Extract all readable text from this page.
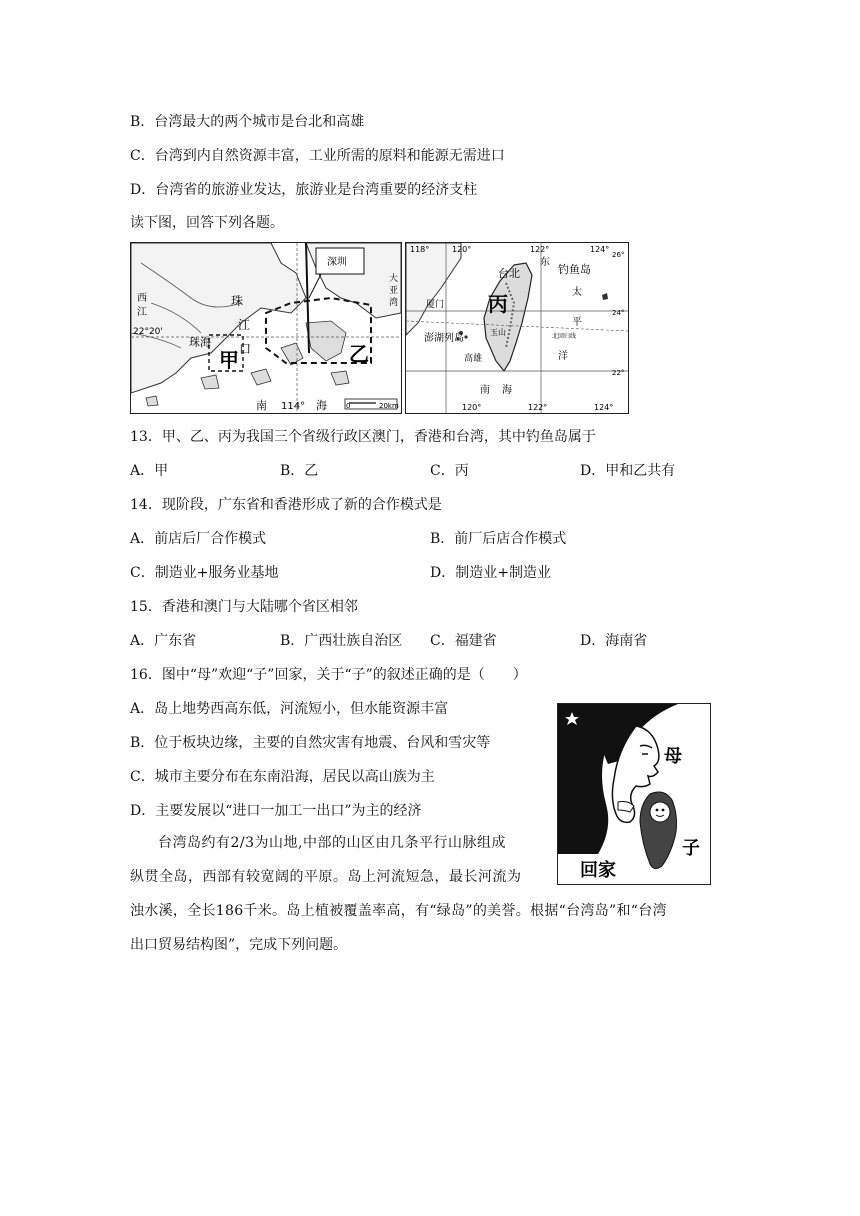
B．台湾最大的两个城市是台北和高雄
C．台湾到内自然资源丰富，工业所需的原料和能源无需进口
D．台湾省的旅游业发达，旅游业是台湾重要的经济支柱
读下图，回答下列各题。
深圳
珠
江
口
珠海
甲	乙
西
江
大
亚
湾
南	海
22°20'
114°	20km
0
118°	120°	122°	124°
26°
24°
22°
台北	钓鱼岛
厦门 丙
澎湖列岛
高雄
玉山
东
太
平
洋
北回归线
南 海
120°	122°	124°
13．甲、乙、丙为我国三个省级行政区澳门，香港和台湾，其中钓鱼岛属于
A．甲	B．乙	C．丙	D．甲和乙共有
14．现阶段，广东省和香港形成了新的合作模式是
A．前店后厂合作模式	B．前厂后店合作模式
C．制造业+服务业基地	D．制造业+制造业
15．香港和澳门与大陆哪个省区相邻
A．广东省	B．广西壮族自治区 C．福建省	D．海南省
16．图中“母”欢迎“子”回家，关于“子”的叙述正确的是（　　）
A．岛上地势西高东低，河流短小，但水能资源丰富
B．位于板块边缘，主要的自然灾害有地震、台风和雪灾等
C．城市主要分布在东南沿海，居民以高山族为主
D．主要发展以“进口一加工一出口”为主的经济
母
子
回家
台湾岛约有2/3为山地,中部的山区由几条平行山脉组成
纵贯全岛，西部有较宽阔的平原。岛上河流短急，最长河流为
浊水溪，全长186千米。岛上植被覆盖率高，有“绿岛”的美誉。根据“台湾岛”和“台湾
出口贸易结构图”，完成下列问题。
